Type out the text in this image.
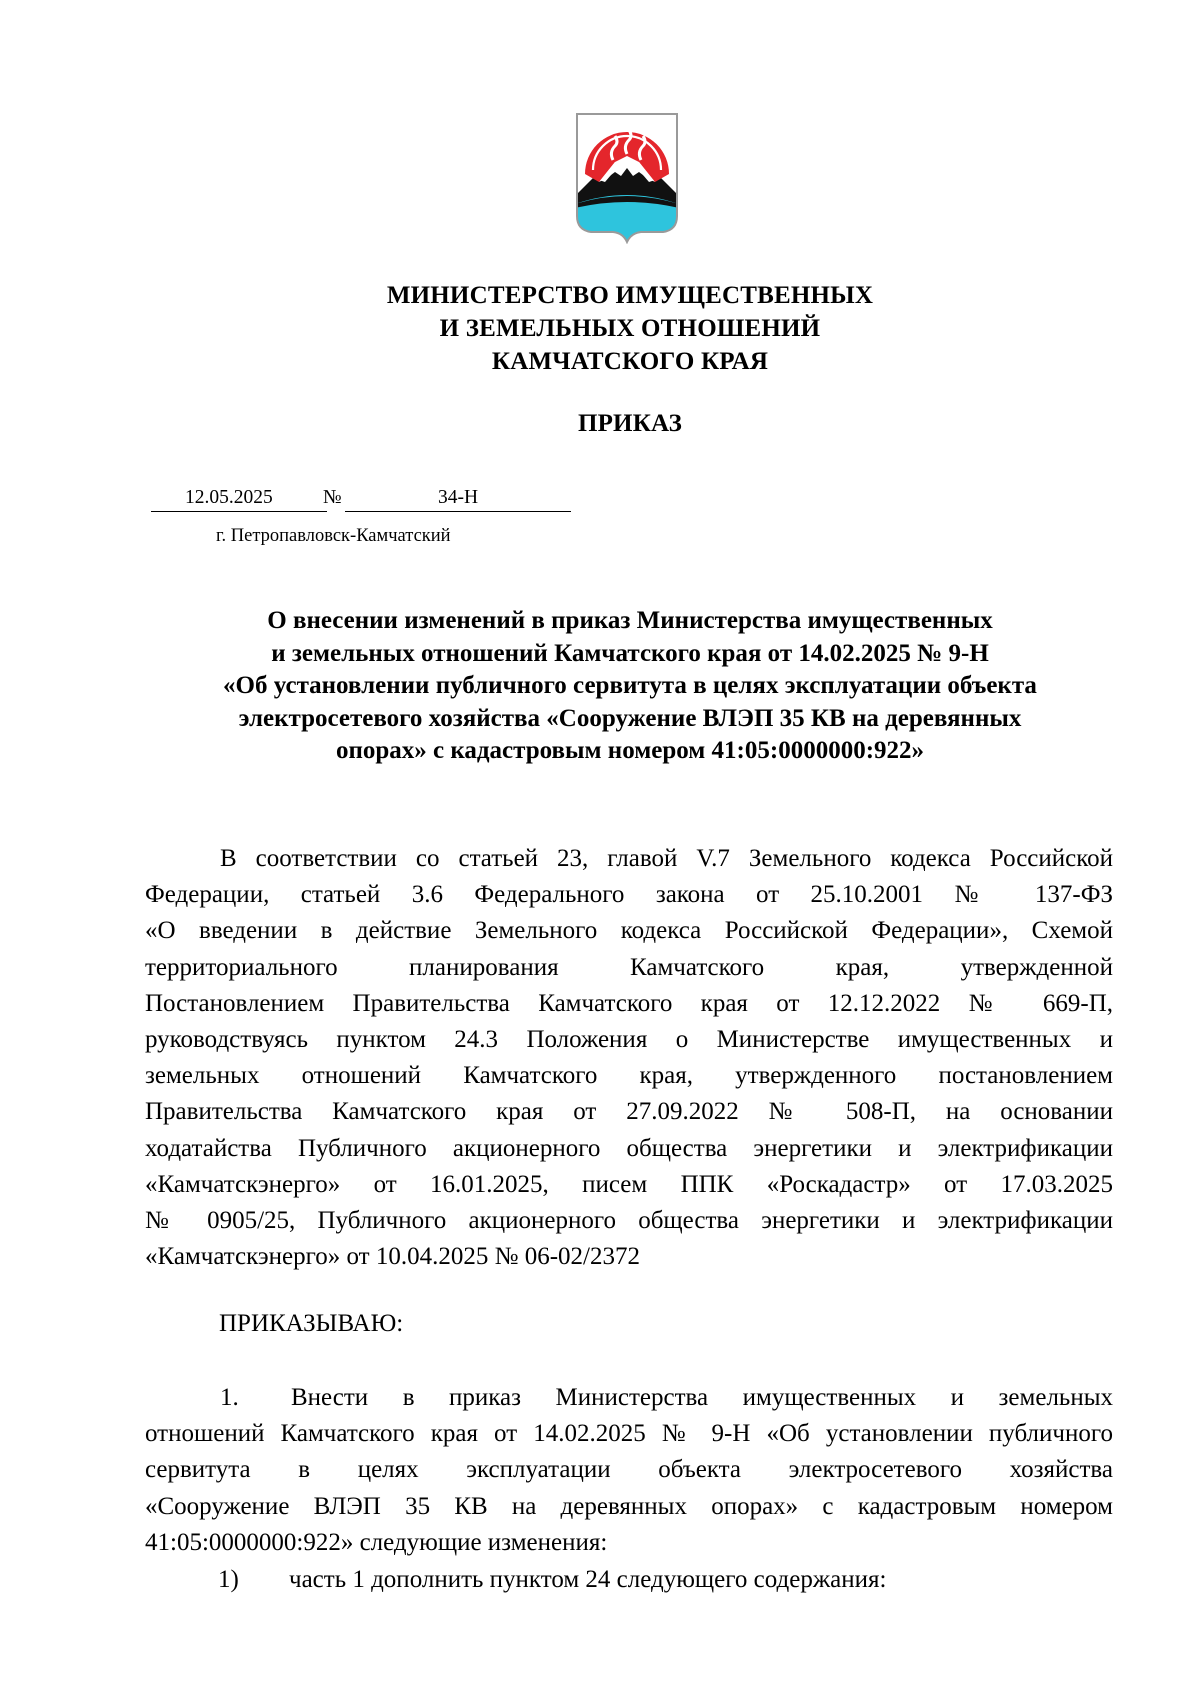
МИНИСТЕРСТВО ИМУЩЕСТВЕННЫХ
И ЗЕМЕЛЬНЫХ ОТНОШЕНИЙ
КАМЧАТСКОГО КРАЯ
ПРИКАЗ
12.05.2025	№	34-Н
г. Петропавловск-Камчатский
О внесении изменений в приказ Министерства имущественных
и земельных отношений Камчатского края от 14.02.2025 № 9-Н
«Об установлении публичного сервитута в целях эксплуатации объекта
электросетевого хозяйства «Сооружение ВЛЭП 35 КВ на деревянных
опорах» с кадастровым номером 41:05:0000000:922»
В соответствии со статьей 23, главой V.7 Земельного кодекса Российской
Федерации, статьей 3.6 Федерального закона от 25.10.2001 № 137-ФЗ
«О введении в действие Земельного кодекса Российской Федерации», Схемой
территориального планирования Камчатского края, утвержденной
Постановлением Правительства Камчатского края от 12.12.2022 № 669-П,
руководствуясь пунктом 24.3 Положения о Министерстве имущественных и
земельных отношений Камчатского края, утвержденного постановлением
Правительства Камчатского края от 27.09.2022 № 508-П, на основании
ходатайства Публичного акционерного общества энергетики и электрификации
«Камчатскэнерго» от 16.01.2025, писем ППК «Роскадастр» от 17.03.2025
№ 0905/25, Публичного акционерного общества энергетики и электрификации
«Камчатскэнерго» от 10.04.2025 № 06-02/2372
ПРИКАЗЫВАЮ:
1. Внести в приказ Министерства имущественных и земельных
отношений Камчатского края от 14.02.2025 № 9-Н «Об установлении публичного
сервитута в целях эксплуатации объекта электросетевого хозяйства
«Сооружение ВЛЭП 35 КВ на деревянных опорах» с кадастровым номером
41:05:0000000:922» следующие изменения:
1) часть 1 дополнить пунктом 24 следующего содержания:
